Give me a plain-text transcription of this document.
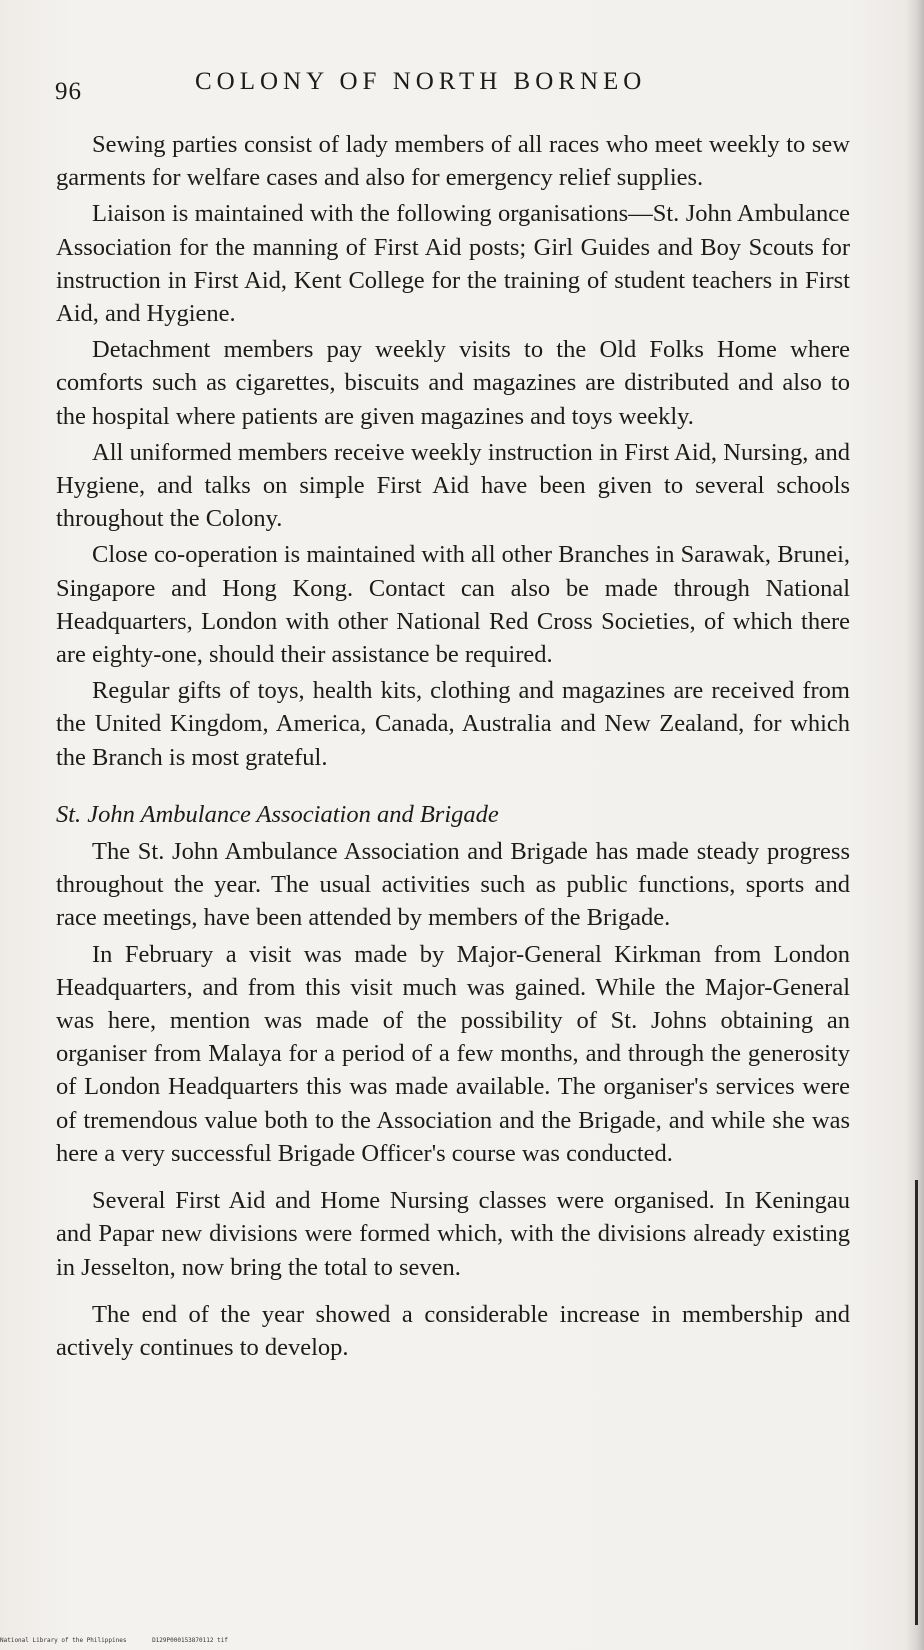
96	COLONY OF NORTH BORNEO

Sewing parties consist of lady members of all races who meet weekly to sew garments for welfare cases and also for emergency relief supplies.

Liaison is maintained with the following organisations—St. John Ambulance Association for the manning of First Aid posts; Girl Guides and Boy Scouts for instruction in First Aid, Kent College for the training of student teachers in First Aid, and Hygiene.

Detachment members pay weekly visits to the Old Folks Home where comforts such as cigarettes, biscuits and magazines are distributed and also to the hospital where patients are given magazines and toys weekly.

All uniformed members receive weekly instruction in First Aid, Nursing, and Hygiene, and talks on simple First Aid have been given to several schools throughout the Colony.

Close co-operation is maintained with all other Branches in Sarawak, Brunei, Singapore and Hong Kong. Contact can also be made through National Headquarters, London with other National Red Cross Societies, of which there are eighty-one, should their assistance be required.

Regular gifts of toys, health kits, clothing and magazines are received from the United Kingdom, America, Canada, Australia and New Zealand, for which the Branch is most grateful.

St. John Ambulance Association and Brigade

The St. John Ambulance Association and Brigade has made steady progress throughout the year. The usual activities such as public functions, sports and race meetings, have been attended by members of the Brigade.

In February a visit was made by Major-General Kirkman from London Headquarters, and from this visit much was gained. While the Major-General was here, mention was made of the possibility of St. Johns obtaining an organiser from Malaya for a period of a few months, and through the generosity of London Headquarters this was made available. The organiser's services were of tremendous value both to the Association and the Brigade, and while she was here a very successful Brigade Officer's course was conducted.

Several First Aid and Home Nursing classes were organised. In Keningau and Papar new divisions were formed which, with the divisions already existing in Jesselton, now bring the total to seven.

The end of the year showed a considerable increase in membership and actively continues to develop.

National Library of the Philippines	D129P000153870112 tif
